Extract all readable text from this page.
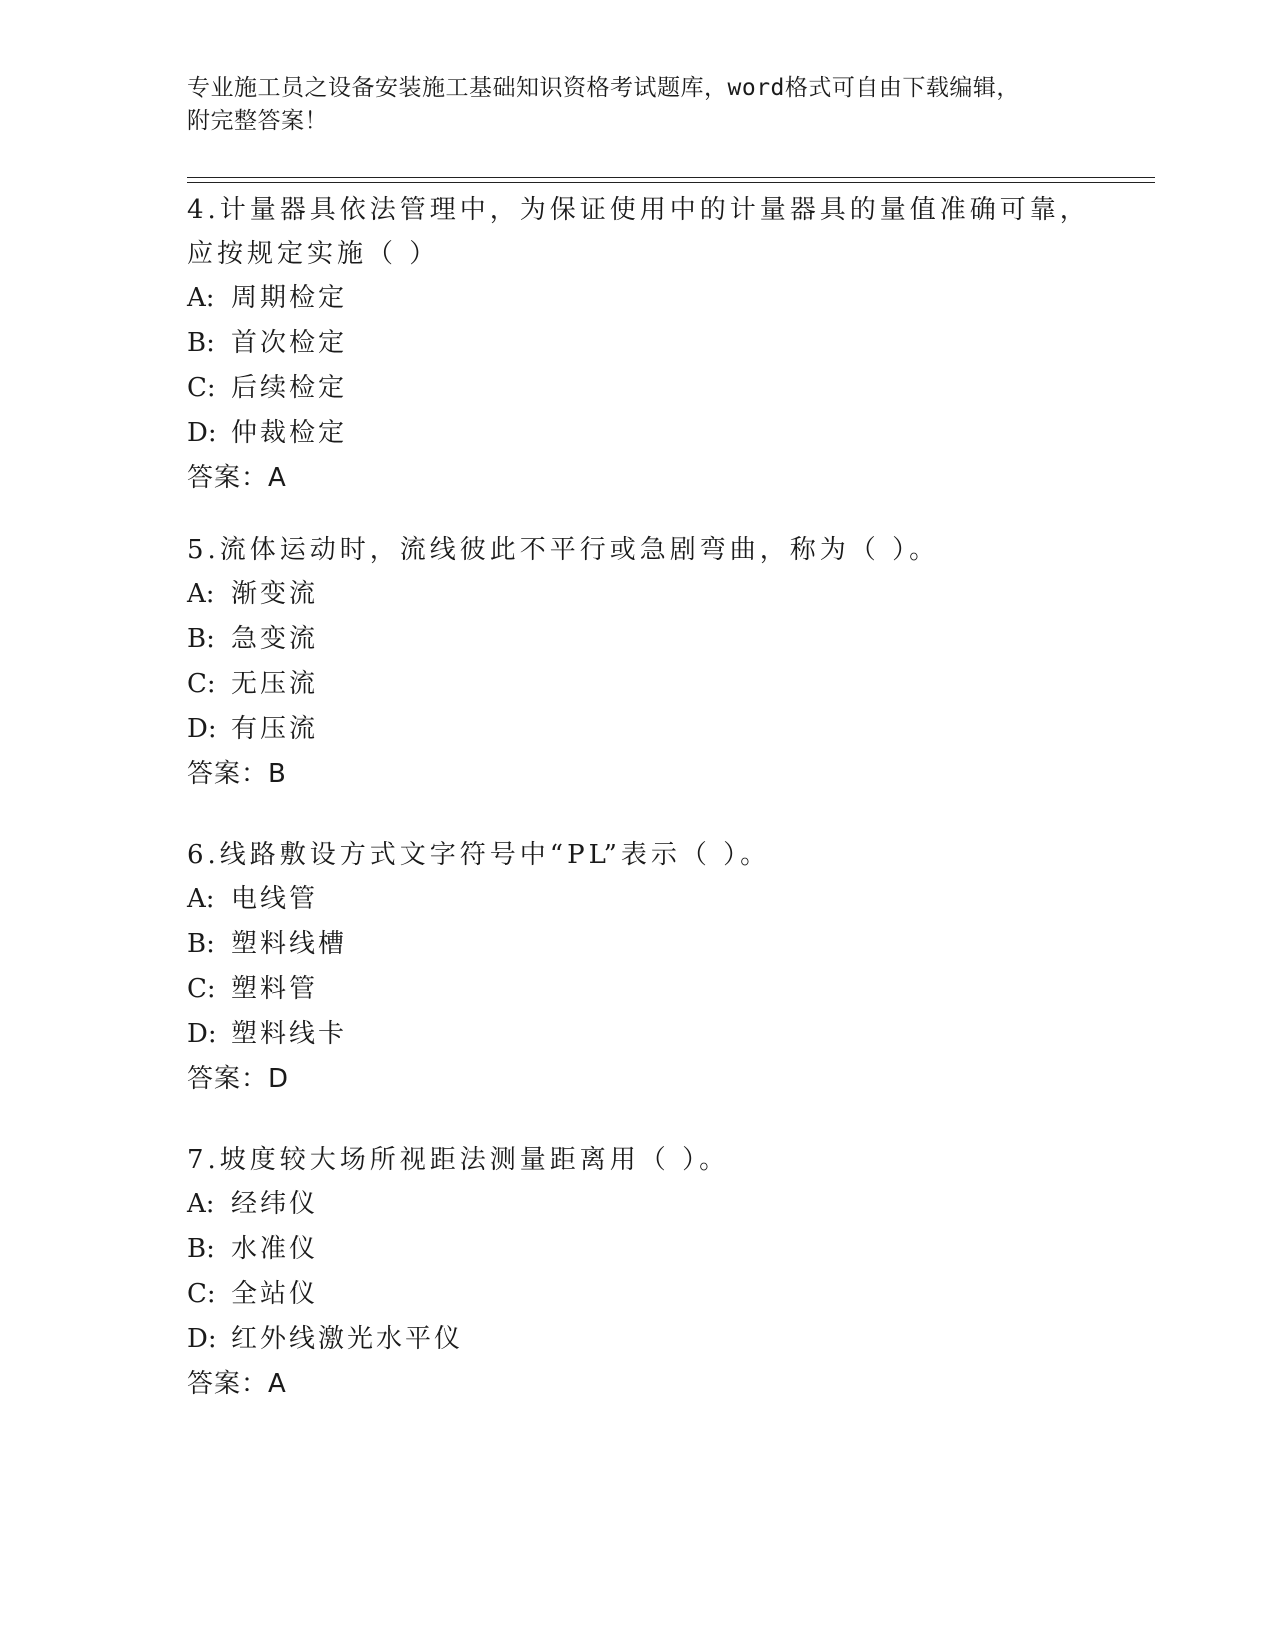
专业施工员之设备安装施工基础知识资格考试题库，word格式可自由下载编辑，
附完整答案！
4.计量器具依法管理中，为保证使用中的计量器具的量值准确可靠，
应按规定实施（ ）
A: 周期检定
B: 首次检定
C: 后续检定
D: 仲裁检定
答案：A
5.流体运动时，流线彼此不平行或急剧弯曲，称为（ ）。
A: 渐变流
B: 急变流
C: 无压流
D: 有压流
答案：B
6.线路敷设方式文字符号中“PL”表示（ ）。
A: 电线管
B: 塑料线槽
C: 塑料管
D: 塑料线卡
答案：D
7.坡度较大场所视距法测量距离用（ ）。
A: 经纬仪
B: 水准仪
C: 全站仪
D: 红外线激光水平仪
答案：A
